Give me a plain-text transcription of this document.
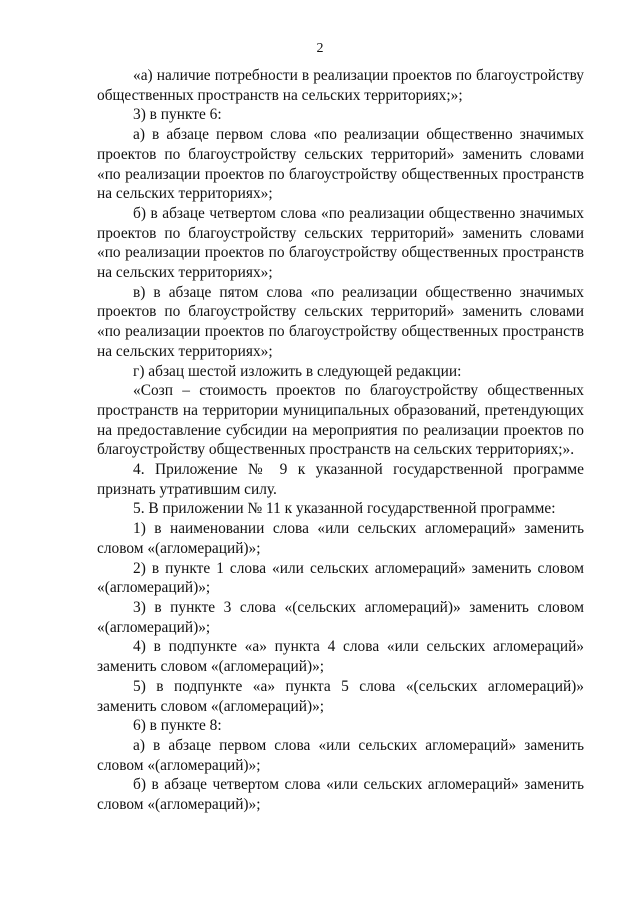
2

«а) наличие потребности в реализации проектов по благоустройству общественных пространств на сельских территориях;»;

3) в пункте 6:

а) в абзаце первом слова «по реализации общественно значимых проектов по благоустройству сельских территорий» заменить словами «по реализации проектов по благоустройству общественных пространств на сельских территориях»;

б) в абзаце четвертом слова «по реализации общественно значимых проектов по благоустройству сельских территорий» заменить словами «по реализации проектов по благоустройству общественных пространств на сельских территориях»;

в) в абзаце пятом слова «по реализации общественно значимых проектов по благоустройству сельских территорий» заменить словами «по реализации проектов по благоустройству общественных пространств на сельских территориях»;

г) абзац шестой изложить в следующей редакции:

«Созп – стоимость проектов по благоустройству общественных пространств на территории муниципальных образований, претендующих на предоставление субсидии на мероприятия по реализации проектов по благоустройству общественных пространств на сельских территориях;».

4. Приложение № 9 к указанной государственной программе признать утратившим силу.

5. В приложении № 11 к указанной государственной программе:

1) в наименовании слова «или сельских агломераций» заменить словом «(агломераций)»;

2) в пункте 1 слова «или сельских агломераций» заменить словом «(агломераций)»;

3) в пункте 3 слова «(сельских агломераций)» заменить словом «(агломераций)»;

4) в подпункте «а» пункта 4 слова «или сельских агломераций» заменить словом «(агломераций)»;

5) в подпункте «а» пункта 5 слова «(сельских агломераций)» заменить словом «(агломераций)»;

6) в пункте 8:

а) в абзаце первом слова «или сельских агломераций» заменить словом «(агломераций)»;

б) в абзаце четвертом слова «или сельских агломераций» заменить словом «(агломераций)»;
